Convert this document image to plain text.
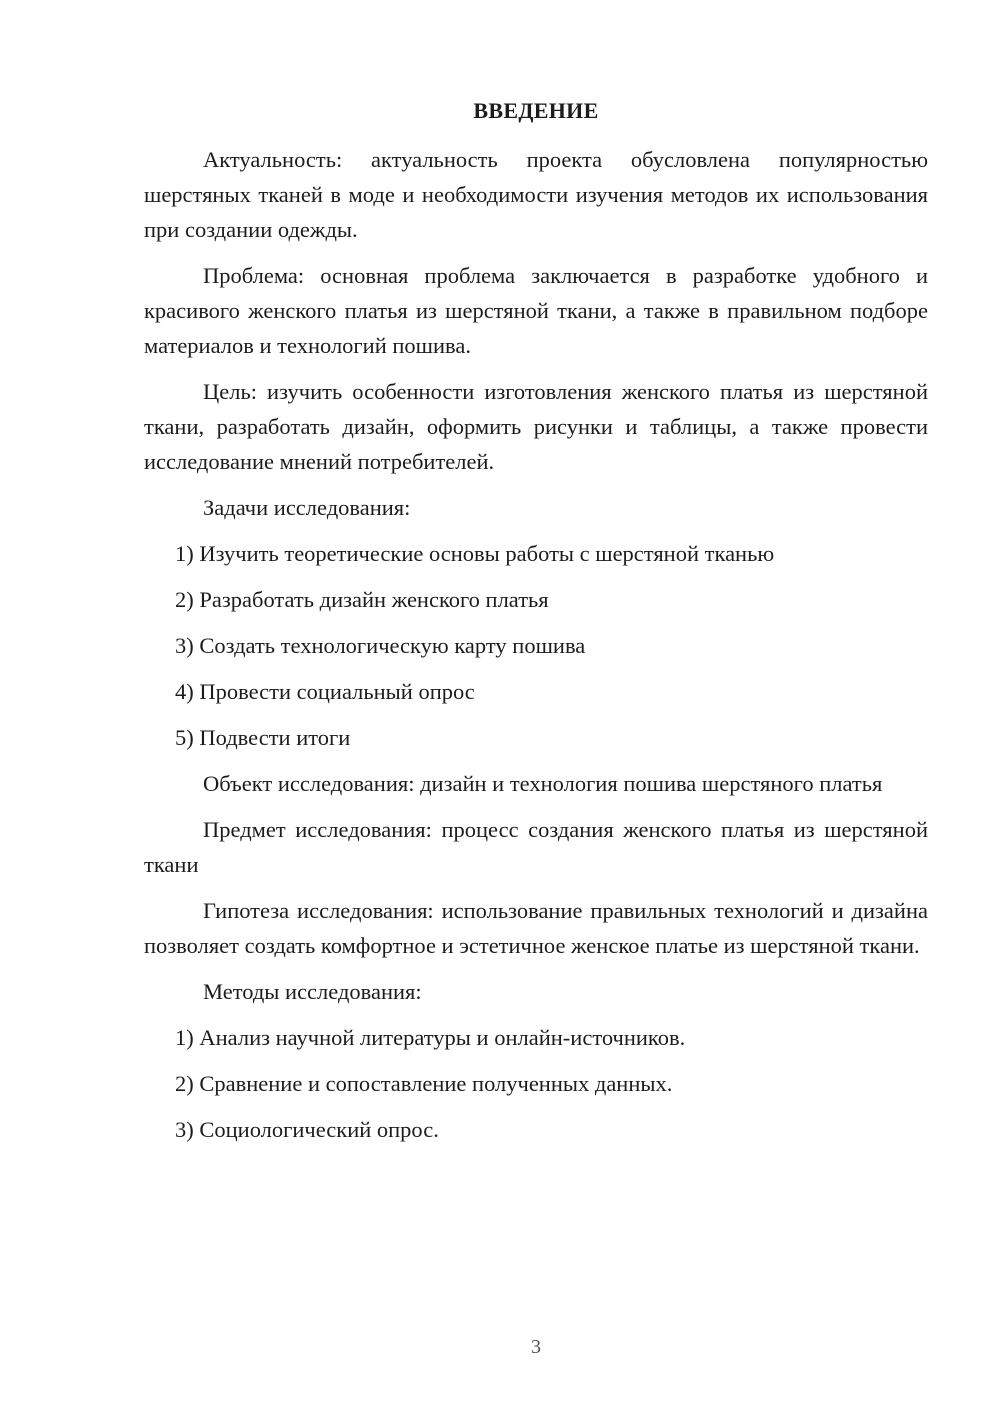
ВВЕДЕНИЕ

Актуальность: актуальность проекта обусловлена популярностью шерстяных тканей в моде и необходимости изучения методов их использования при создании одежды.

Проблема: основная проблема заключается в разработке удобного и красивого женского платья из шерстяной ткани, а также в правильном подборе материалов и технологий пошива.

Цель: изучить особенности изготовления женского платья из шерстяной ткани, разработать дизайн, оформить рисунки и таблицы, а также провести исследование мнений потребителей.

Задачи исследования:

1) Изучить теоретические основы работы с шерстяной тканью

2) Разработать дизайн женского платья

3) Создать технологическую карту пошива

4) Провести социальный опрос

5) Подвести итоги

Объект исследования: дизайн и технология пошива шерстяного платья

Предмет исследования: процесс создания женского платья из шерстяной ткани

Гипотеза исследования: использование правильных технологий и дизайна позволяет создать комфортное и эстетичное женское платье из шерстяной ткани.

Методы исследования:

1) Анализ научной литературы и онлайн-источников.

2) Сравнение и сопоставление полученных данных.

3) Социологический опрос.

3
